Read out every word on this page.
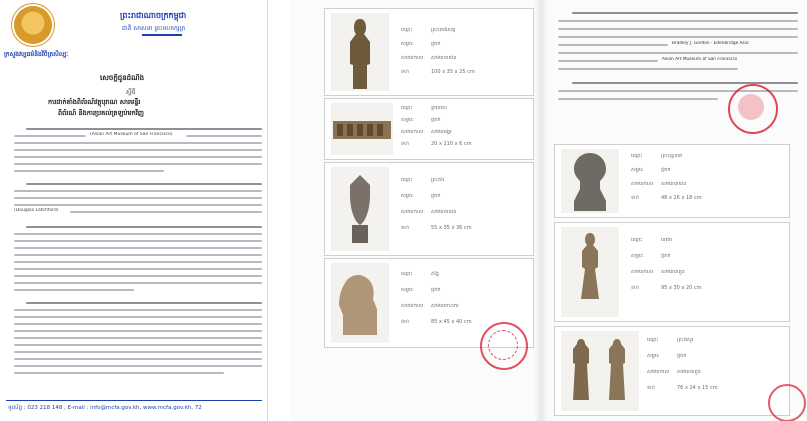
ក្រសួងវប្បធម៌និងវិចិត្រសិល្បៈ
ព្រះរាជាណាចក្រកម្ពុជា
ជាតិ សាសនា ព្រះមហាក្សត្រ
សេចក្តីជូនដំណឹង
ស្តីពី
ការដាក់តាំងពិព័រណ៍វត្ថុបុរាណ សារមន្ទីរ
ពិព័រណ៍ និងការប្រគល់ត្រឡប់មកវិញ
(Asian Art Museum of San Francisco)
(Douglas Latchford)
ទូរស័ព្ទ : 023 218 148 , E-mail : info@mcfa.gov.kh, www.mcfa.gov.kh, 72
ឈ្មោះ	ព្រះពោធិសត្វ
សម្ភារៈ	ថ្មភក់
សម័យកាល សម័យបាយ័ន
ទំហំ	100 x 35 x 25 cm
ឈ្មោះ	ទ្វារបាល
សម្ភារៈ	ថ្មភក់
សម័យកាល សម័យអង្គរ
ទំហំ	20 x 110 x 6 cm
ឈ្មោះ	ព្រះសិរ
សម្ភារៈ	ថ្មភក់
សម័យកាល សម័យបាយ័ន
ទំហំ	55 x 35 x 36 cm
ឈ្មោះ	សិង្ហ
សម្ភារៈ	ថ្មភក់
សម័យកាល សម័យកោះកេរ
ទំហំ	85 x 45 x 40 cm
Bradley J. Gordon · Edenbridge Asia
Asian Art Museum of San Francisco
ឈ្មោះ	ព្រះពុទ្ធនាគ
សម្ភារៈ	ថ្មភក់
សម័យកាល សម័យបាយ័ន
ទំហំ	48 x 26 x 18 cm
ឈ្មោះ	ទេវតា
សម្ភារៈ	ថ្មភក់
សម័យកាល សម័យបាពួន
ទំហំ	95 x 30 x 20 cm
ឈ្មោះ	ព្រះ​ឥសូរ
សម្ភារៈ	ថ្មភក់
សម័យកាល សម័យបាពួន
ទំហំ	76 x 24 x 15 cm
